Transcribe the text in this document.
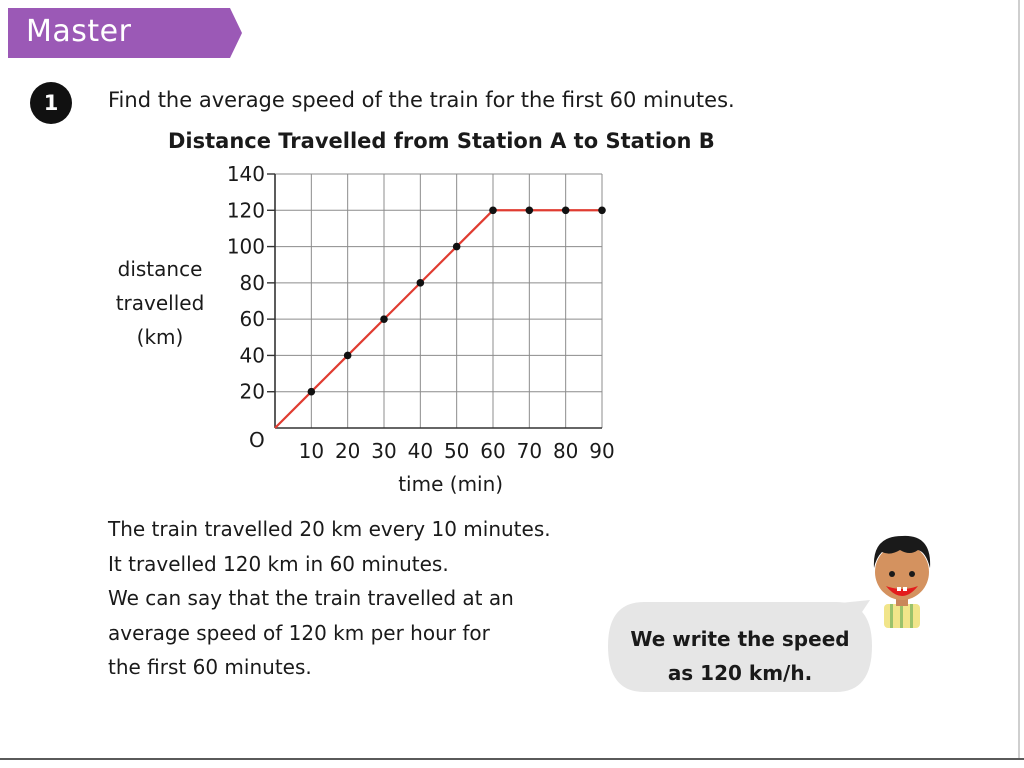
Master
1	Find the average speed of the train for the first 60 minutes.
Distance Travelled from Station A to Station B
distance
travelled
(km)
20
40
60
80
100
120
140
10 20 30 40 50 60 70 80 90
time (min)
O
The train travelled 20 km every 10 minutes.
It travelled 120 km in 60 minutes.
We can say that the train travelled at an
average speed of 120 km per hour for
the first 60 minutes.
We write the speed
as 120 km/h.
